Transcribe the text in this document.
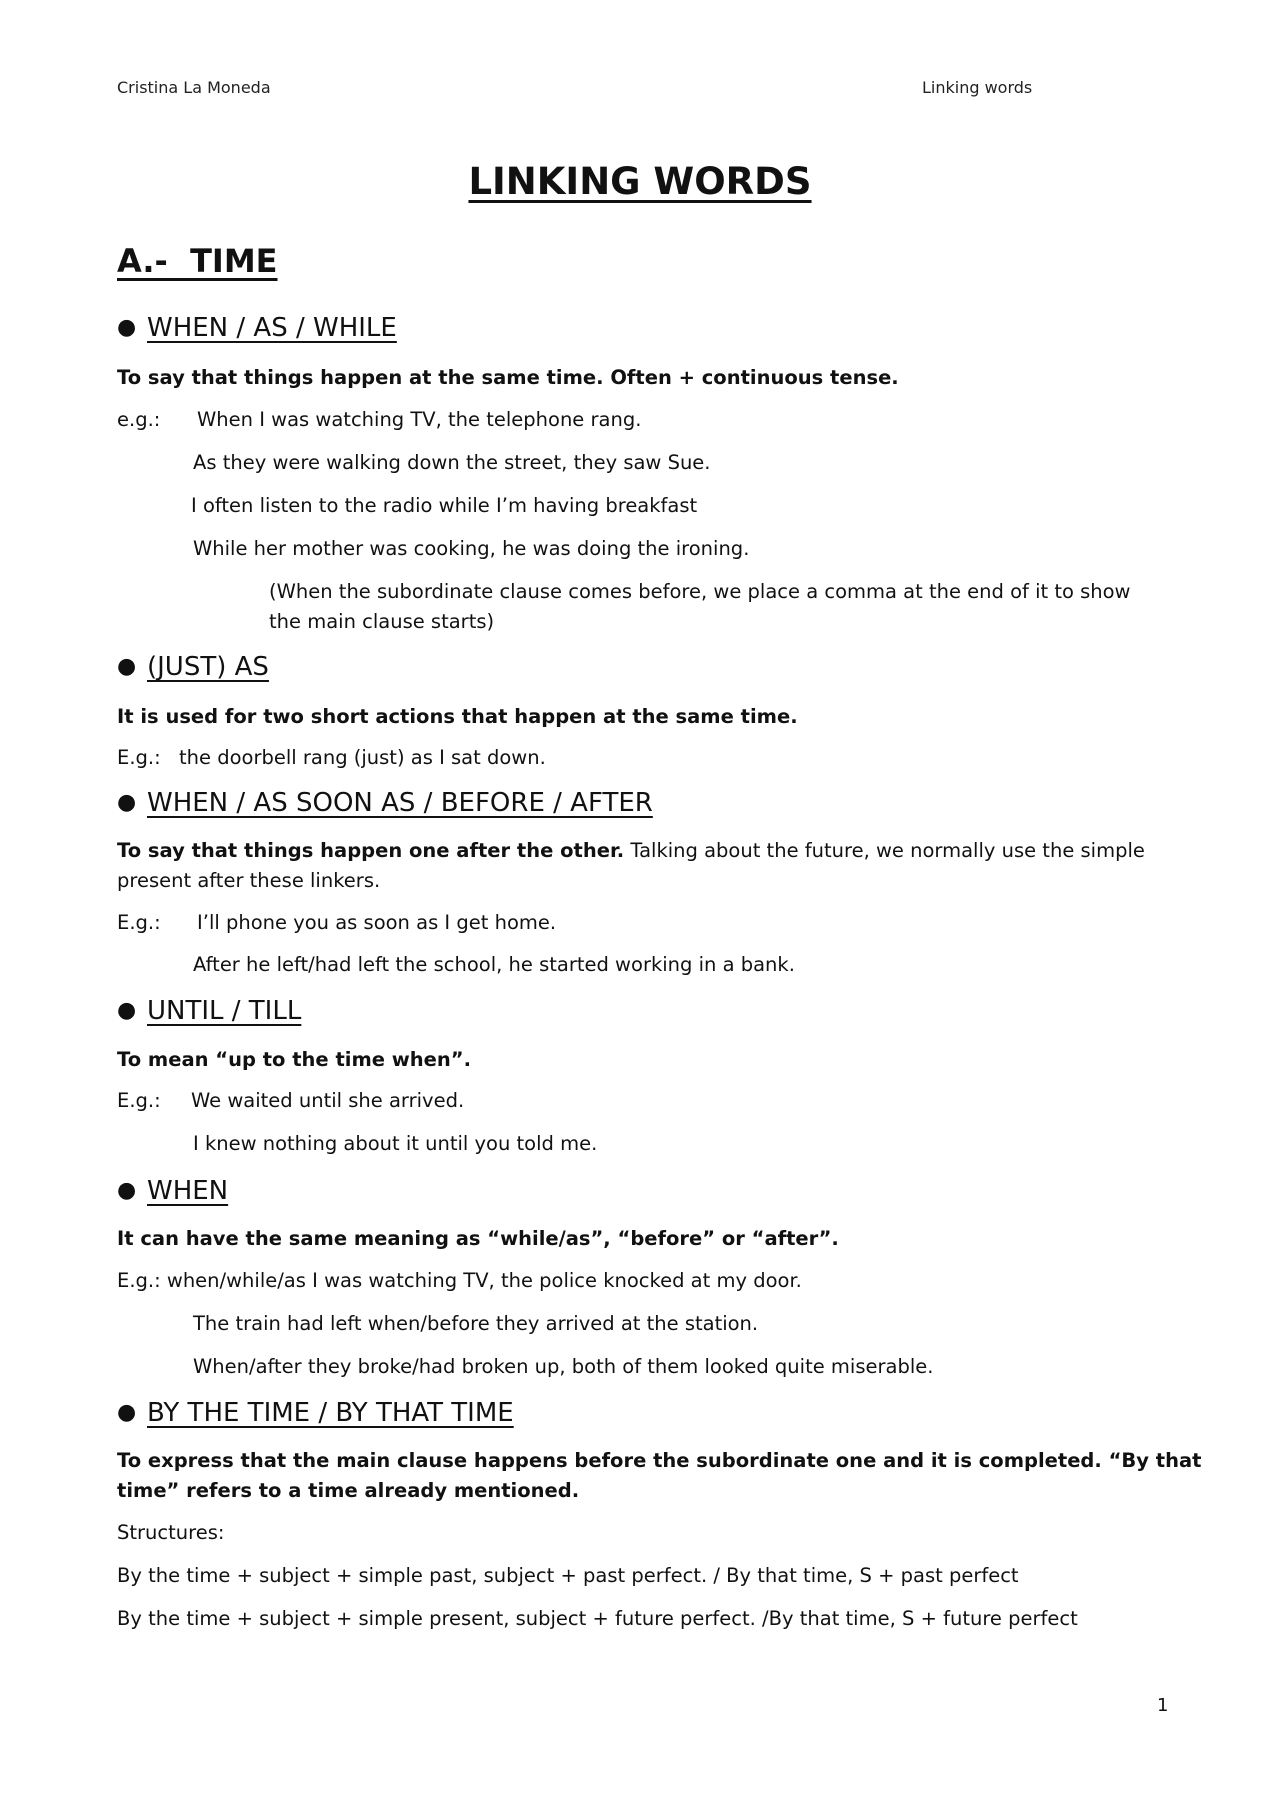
Cristina La Moneda	Linking words
LINKING WORDS
A.-  TIME
● WHEN / AS / WHILE
To say that things happen at the same time. Often + continuous tense.
e.g.: When I was watching TV, the telephone rang.
As they were walking down the street, they saw Sue.
I often listen to the radio while I’m having breakfast
While her mother was cooking, he was doing the ironing.
(When the subordinate clause comes before, we place a comma at the end of it to show
the main clause starts)
● (JUST) AS
It is used for two short actions that happen at the same time.
E.g.: the doorbell rang (just) as I sat down.
● WHEN / AS SOON AS / BEFORE / AFTER
To say that things happen one after the other. Talking about the future, we normally use the simple
present after these linkers.
E.g.: I’ll phone you as soon as I get home.
After he left/had left the school, he started working in a bank.
● UNTIL / TILL
To mean “up to the time when”.
E.g.: We waited until she arrived.
I knew nothing about it until you told me.
● WHEN
It can have the same meaning as “while/as”, “before” or “after”.
E.g.: when/while/as I was watching TV, the police knocked at my door.
The train had left when/before they arrived at the station.
When/after they broke/had broken up, both of them looked quite miserable.
● BY THE TIME / BY THAT TIME
To express that the main clause happens before the subordinate one and it is completed. “By that
time” refers to a time already mentioned.
Structures:
By the time + subject + simple past, subject + past perfect. / By that time, S + past perfect
By the time + subject + simple present, subject + future perfect. /By that time, S + future perfect
1
